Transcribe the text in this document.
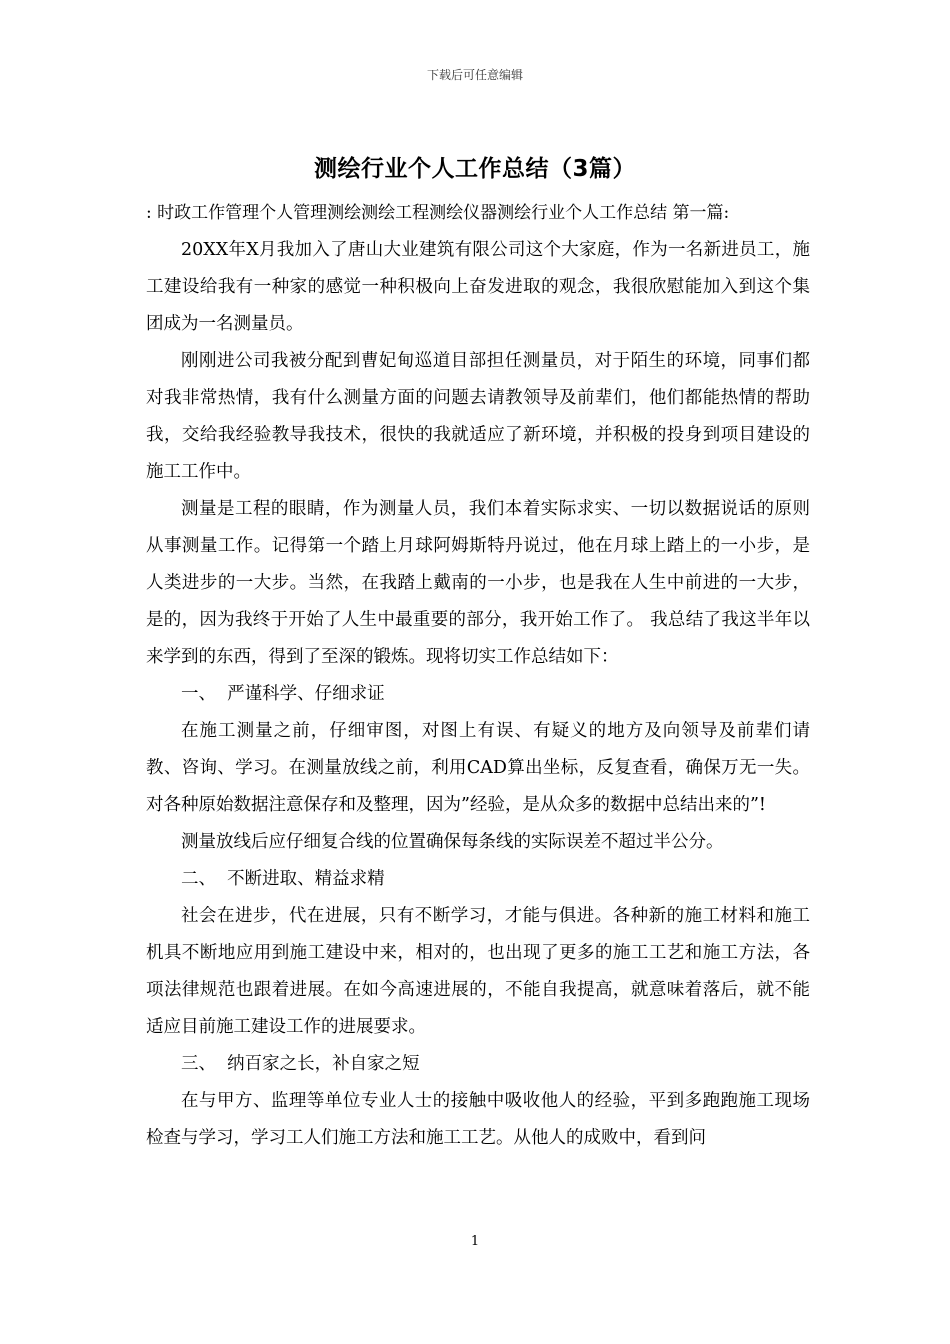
下载后可任意编辑
测绘行业个人工作总结（3篇）

: 时政工作管理个人管理测绘测绘工程测绘仪器测绘行业个人工作总结 第一篇:

20XX年X月我加入了唐山大业建筑有限公司这个大家庭，作为一名新进员工，施工建设给我有一种家的感觉一种积极向上奋发进取的观念，我很欣慰能加入到这个集团成为一名测量员。

刚刚进公司我被分配到曹妃甸巡道目部担任测量员，对于陌生的环境，同事们都对我非常热情，我有什么测量方面的问题去请教领导及前辈们，他们都能热情的帮助我，交给我经验教导我技术，很快的我就适应了新环境，并积极的投身到项目建设的施工工作中。

测量是工程的眼睛，作为测量人员，我们本着实际求实、一切以数据说话的原则从事测量工作。记得第一个踏上月球阿姆斯特丹说过，他在月球上踏上的一小步，是人类进步的一大步。当然，在我踏上戴南的一小步，也是我在人生中前进的一大步，是的，因为我终于开始了人生中最重要的部分，我开始工作了。 我总结了我这半年以来学到的东西，得到了至深的锻炼。现将切实工作总结如下：

一、  严谨科学、仔细求证

在施工测量之前，仔细审图，对图上有误、有疑义的地方及向领导及前辈们请教、咨询、学习。在测量放线之前，利用CAD算出坐标，反复查看，确保万无一失。对各种原始数据注意保存和及整理，因为”经验，是从众多的数据中总结出来的”!

测量放线后应仔细复合线的位置确保每条线的实际误差不超过半公分。

二、  不断进取、精益求精

社会在进步，代在进展，只有不断学习，才能与俱进。各种新的施工材料和施工机具不断地应用到施工建设中来，相对的，也出现了更多的施工工艺和施工方法，各项法律规范也跟着进展。在如今高速进展的，不能自我提高，就意味着落后，就不能适应目前施工建设工作的进展要求。

三、  纳百家之长，补自家之短

在与甲方、监理等单位专业人士的接触中吸收他人的经验，平到多跑跑施工现场检查与学习，学习工人们施工方法和施工工艺。从他人的成败中，看到问

1
